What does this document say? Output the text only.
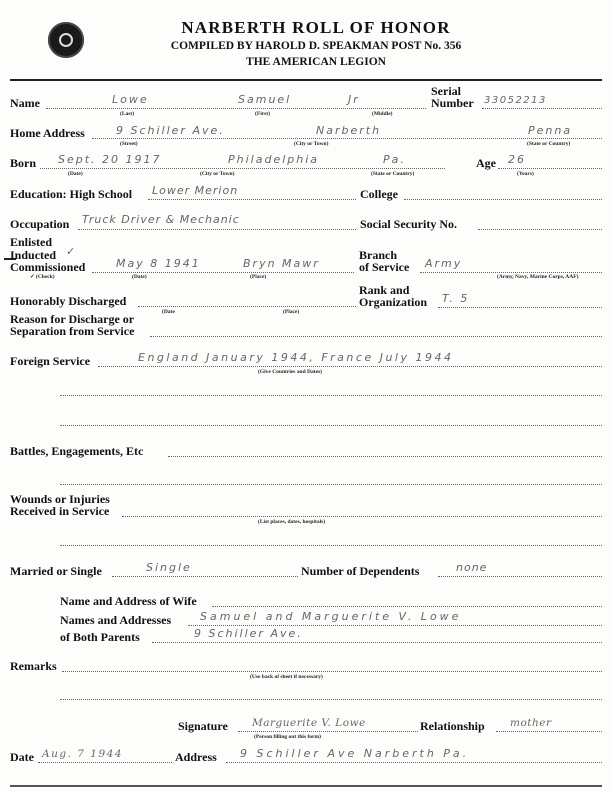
NARBERTH ROLL OF HONOR
COMPILED BY HAROLD D. SPEAKMAN POST No. 356
THE AMERICAN LEGION
Name	Lowe	Samuel	Jr
(Last)	(First)	(Middle)
Serial
Number 33052213
Home Address	9 Schiller Ave.	Narberth	Penna
(Street)	(City or Town)	(State or Country)
Born Sept. 20 1917	Philadelphia	Pa.
(Date)	(City or Town)	(State or Country)
Age 26
(Years)
Education: High School Lower Merion	College
Occupation Truck Driver & Mechanic	Social Security No.
Enlisted
Inducted ✓
Commissioned	May 8 1941	Bryn Mawr
✓ (Check)	(Date)	(Place)
Branch
of Service Army
(Army, Navy, Marine Corps, AAF)
Honorably Discharged
(Date	(Place)
Rank and
Organization T. 5
Reason for Discharge or
Separation from Service
Foreign Service	England January 1944, France July 1944
(Give Countries and Dates)
Battles, Engagements, Etc
Wounds or Injuries
Received in Service
(List places, dates, hospitals)
Married or Single	Single	Number of Dependents	none
Name and Address of Wife
Names and Addresses	Samuel and Marguerite V. Lowe
of Both Parents	9 Schiller Ave.
Remarks
(Use back of sheet if necessary)
Signature Marguerite V. Lowe
(Person filling out this form)
Relationship mother
Date Aug. 7 1944	Address 9 Schiller Ave Narberth Pa.
